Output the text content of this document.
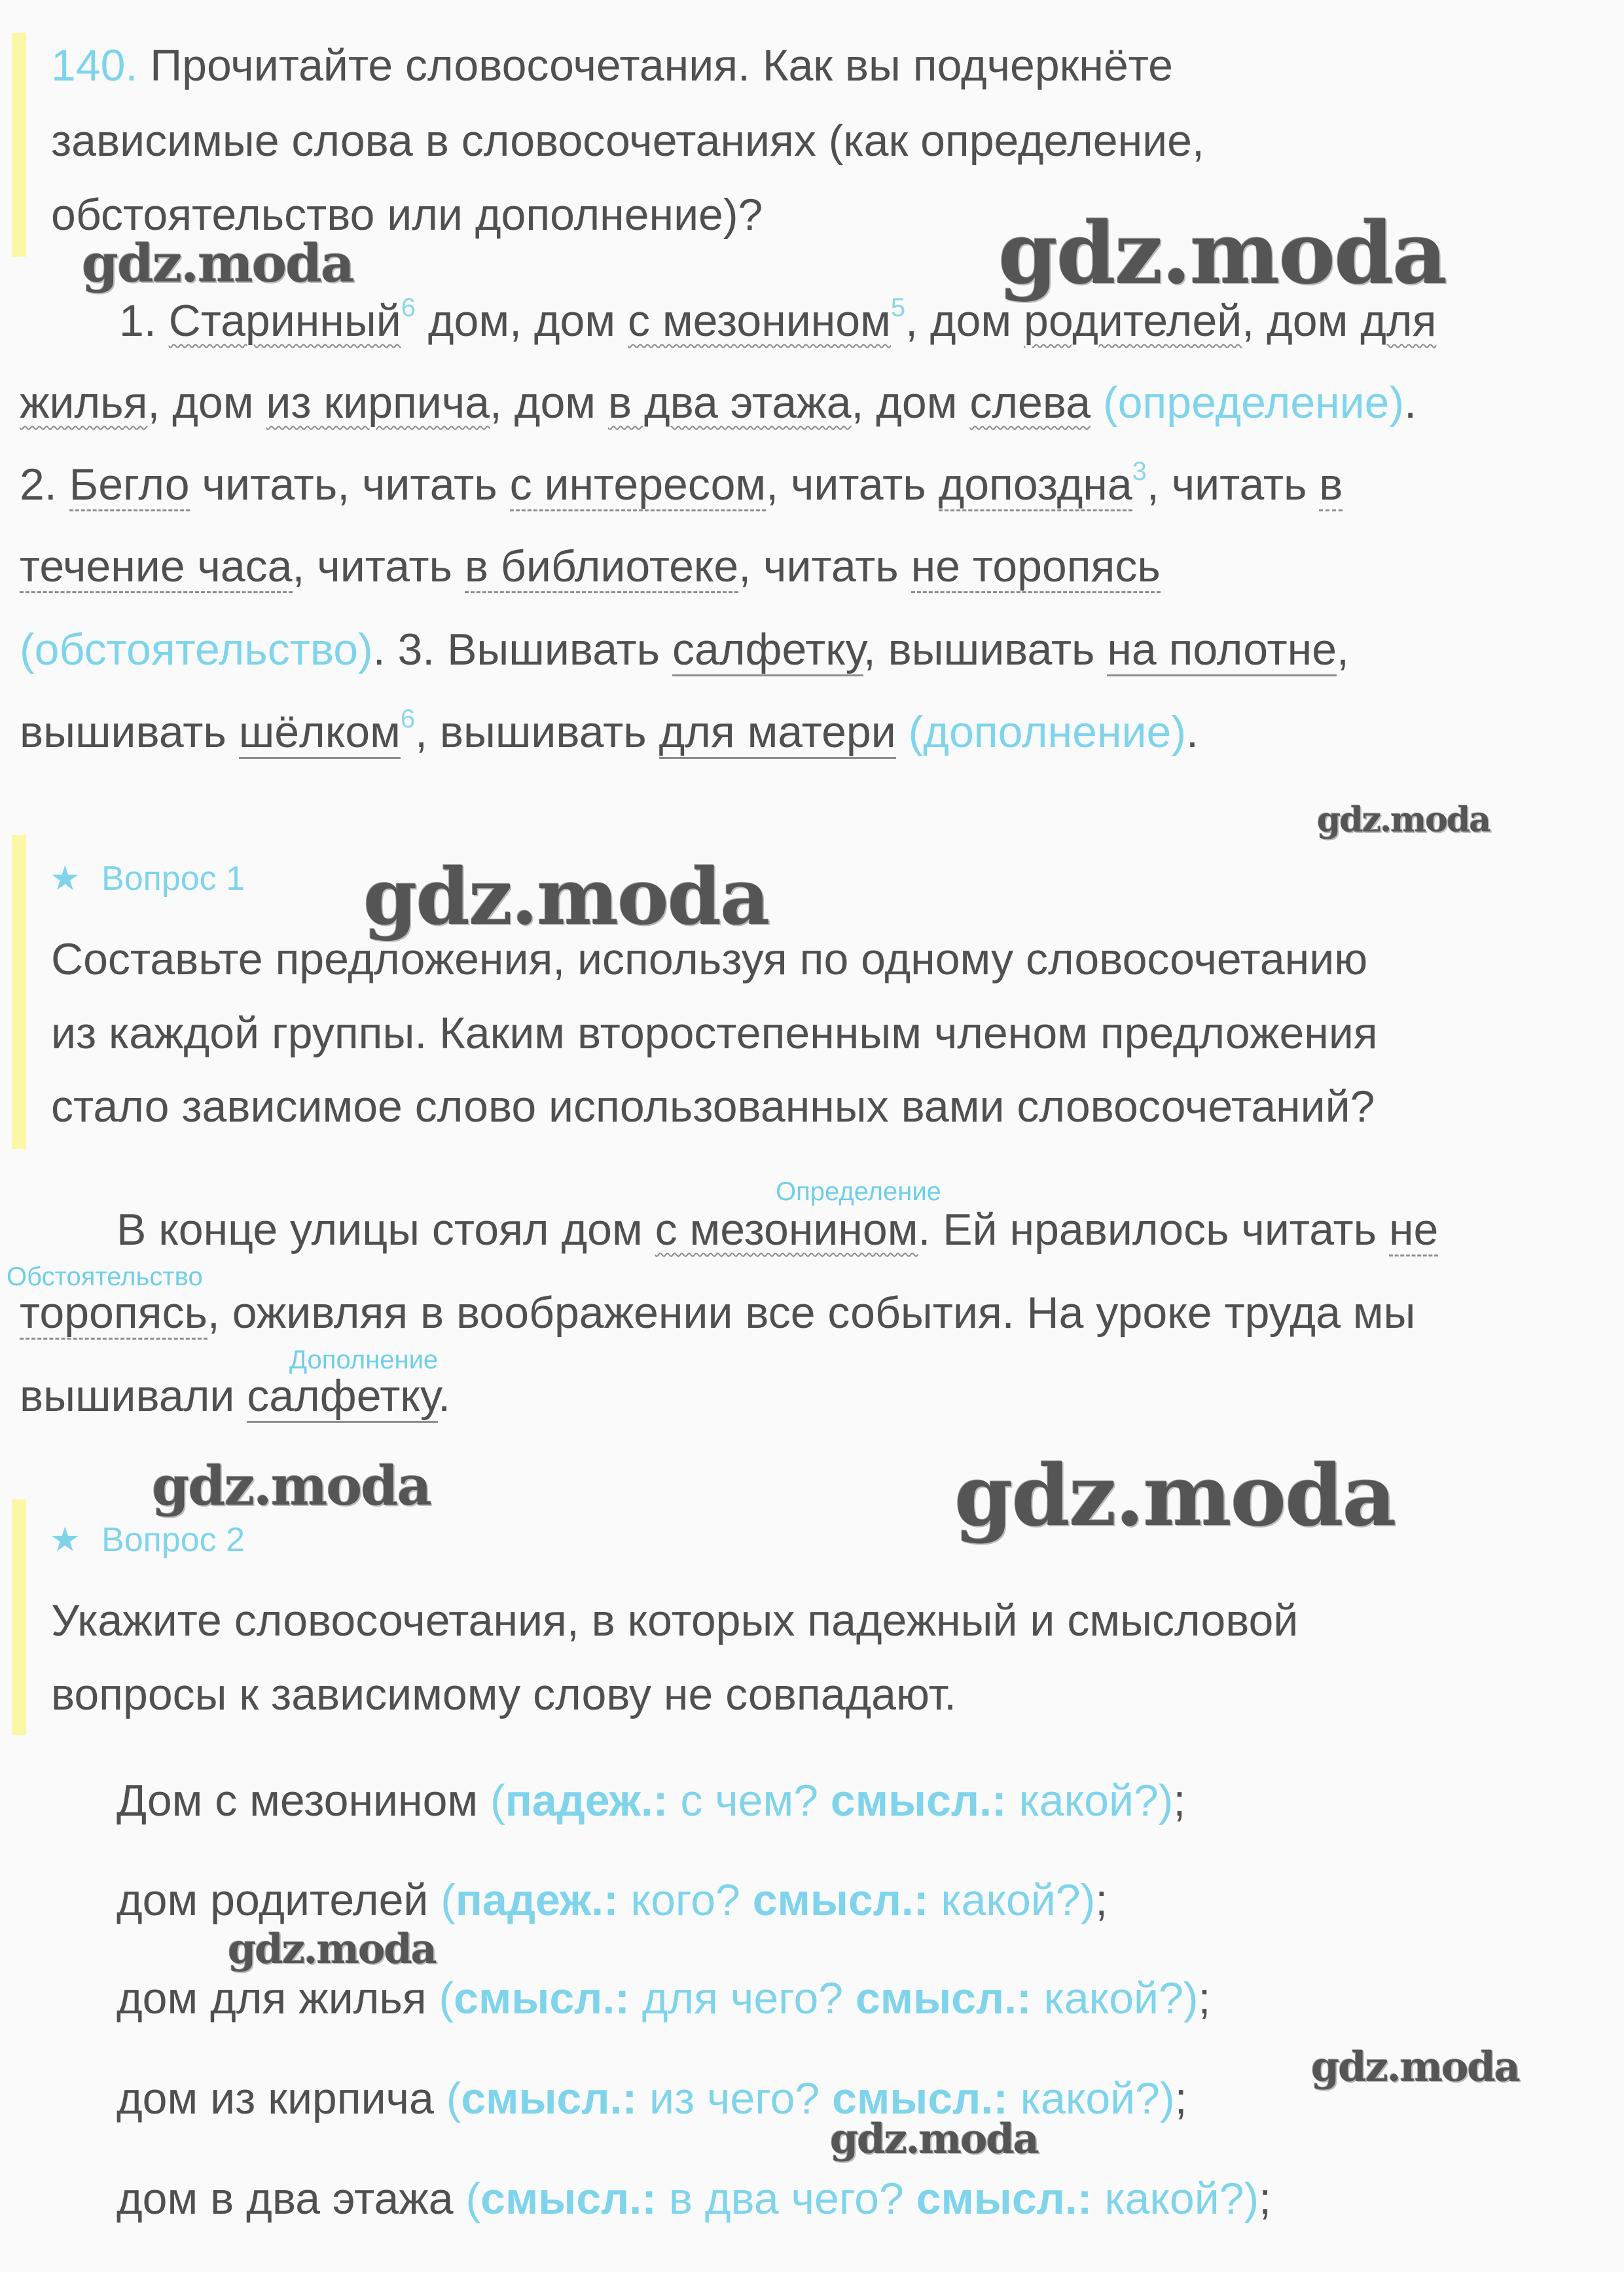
140. Прочитайте словосочетания. Как вы подчеркнёте
зависимые слова в словосочетаниях (как определение,
обстоятельство или дополнение)?
1. Старинный$^6$ дом, дом с мезонином$^5$, дом родителей, дом для
жилья, дом из кирпича, дом в два этажа, дом слева (определение).
2. Бегло читать, читать с интересом, читать допоздна$^3$, читать в
течение часа, читать в библиотеке, читать не торопясь
(обстоятельство). 3. Вышивать салфетку, вышивать на полотне,
вышивать шёлком$^6$, вышивать для матери (дополнение).
★ Вопрос 1
Составьте предложения, используя по одному словосочетанию
из каждой группы. Каким второстепенным членом предложения
стало зависимое слово использованных вами словосочетаний?
Определение
В конце улицы стоял дом с мезонином. Ей нравилось читать не
Обстоятельство
торопясь, оживляя в воображении все события. На уроке труда мы
Дополнение
вышивали салфетку.
★ Вопрос 2
Укажите словосочетания, в которых падежный и смысловой
вопросы к зависимому слову не совпадают.
Дом с мезонином (падеж.: с чем? смысл.: какой?);
дом родителей (падеж.: кого? смысл.: какой?);
дом для жилья (смысл.: для чего? смысл.: какой?);
дом из кирпича (смысл.: из чего? смысл.: какой?);
дом в два этажа (смысл.: в два чего? смысл.: какой?);
gdz.moda	gdz.moda
gdz.moda
gdz.moda
gdz.moda	gdz.moda
gdz.moda
gdz.moda
gdz.moda
